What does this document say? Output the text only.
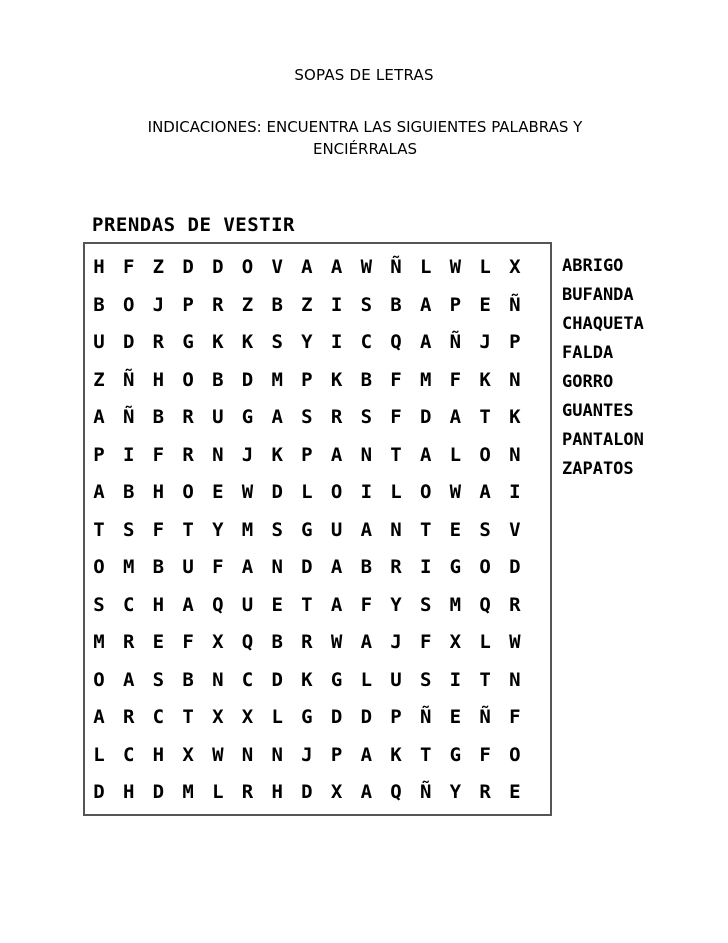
SOPAS DE LETRAS
INDICACIONES: ENCUENTRA LAS SIGUIENTES PALABRAS Y ENCIÉRRALAS
PRENDAS DE VESTIR
H F Z D D O V A A W Ñ L W L X
B O J P R Z B Z I S B A P E Ñ
U D R G K K S Y I C Q A Ñ J P
Z Ñ H O B D M P K B F M F K N
A Ñ B R U G A S R S F D A T K
P I F R N J K P A N T A L O N
A B H O E W D L O I L O W A I
T S F T Y M S G U A N T E S V
O M B U F A N D A B R I G O D
S C H A Q U E T A F Y S M Q R
M R E F X Q B R W A J F X L W
O A S B N C D K G L U S I T N
A R C T X X L G D D P Ñ E Ñ F
L C H X W N N J P A K T G F O
D H D M L R H D X A Q Ñ Y R E
ABRIGO
BUFANDA
CHAQUETA
FALDA
GORRO
GUANTES
PANTALON
ZAPATOS
